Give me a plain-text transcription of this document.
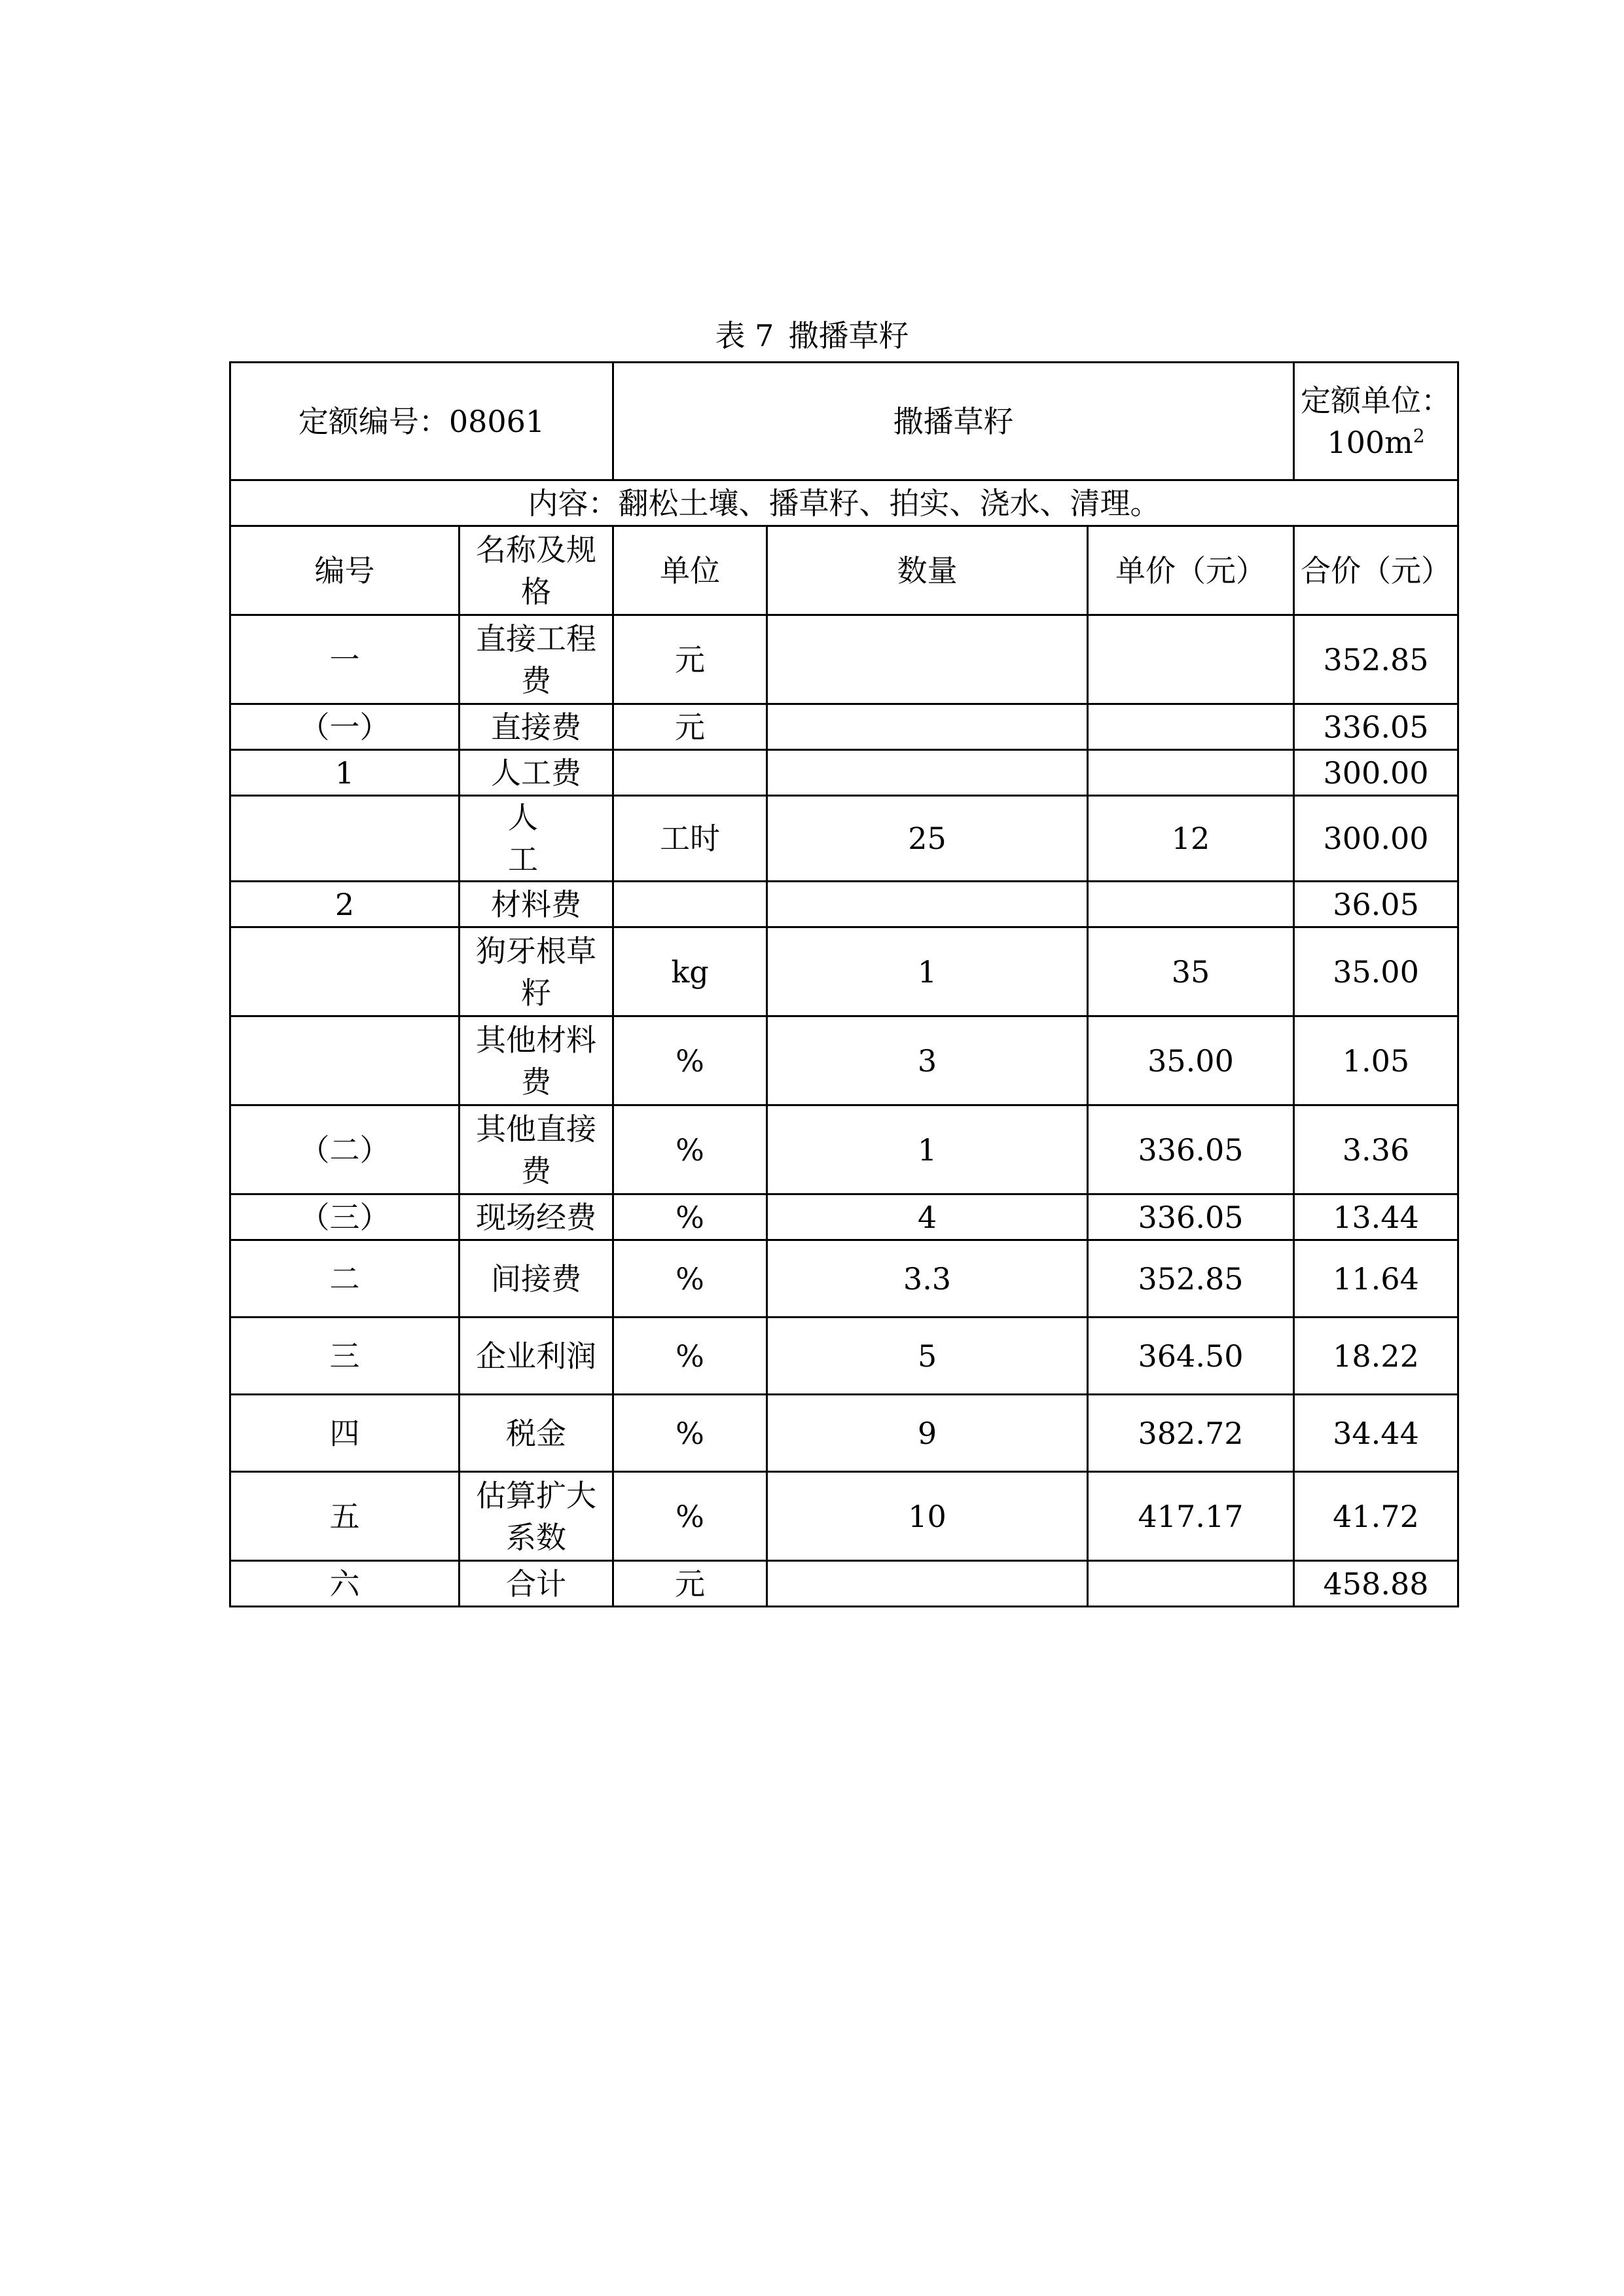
表 7 撒播草籽
定额编号：08061		撒播草籽			定额单位：
$100m^2$

内容：翻松土壤、播草籽、拍实、浇水、清理。					
编号	名称及规格	单位	数量	单价（元）	合价（元）
一	直接工程费	元			352.85
（一）	直接费	元			336.05
1	人工费				300.00
	人 工	工时	25	12	300.00
2	材料费				36.05
	狗牙根草籽	kg	1	35	35.00
	其他材料费	%	3	35.00	1.05
（二）	其他直接费	%	1	336.05	3.36
（三）	现场经费	%	4	336.05	13.44
二	间接费	%	3.3	352.85	11.64
三	企业利润	%	5	364.50	18.22
四	税金	%	9	382.72	34.44
五	估算扩大系数	%	10	417.17	41.72
六	合计	元			458.88
